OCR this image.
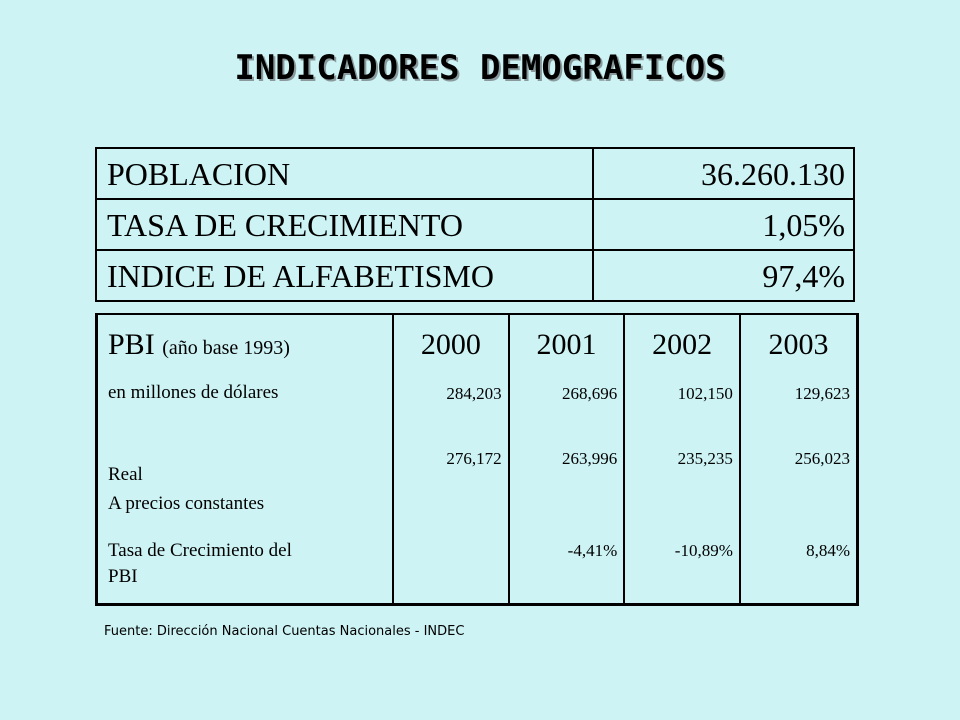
INDICADORES DEMOGRAFICOS
POBLACION	36.260.130
TASA DE CRECIMIENTO	1,05%
INDICE DE ALFABETISMO	97,4%
PBI (año base 1993)	2000	2001	2002	2003
en millones de dólares	284,203	268,696	102,150	129,623

Real
A precios constantes	276,172	263,996	235,235	256,023

Tasa de Crecimiento del
PBI		-4,41%	-10,89%	8,84%
Fuente: Dirección Nacional Cuentas Nacionales - INDEC
